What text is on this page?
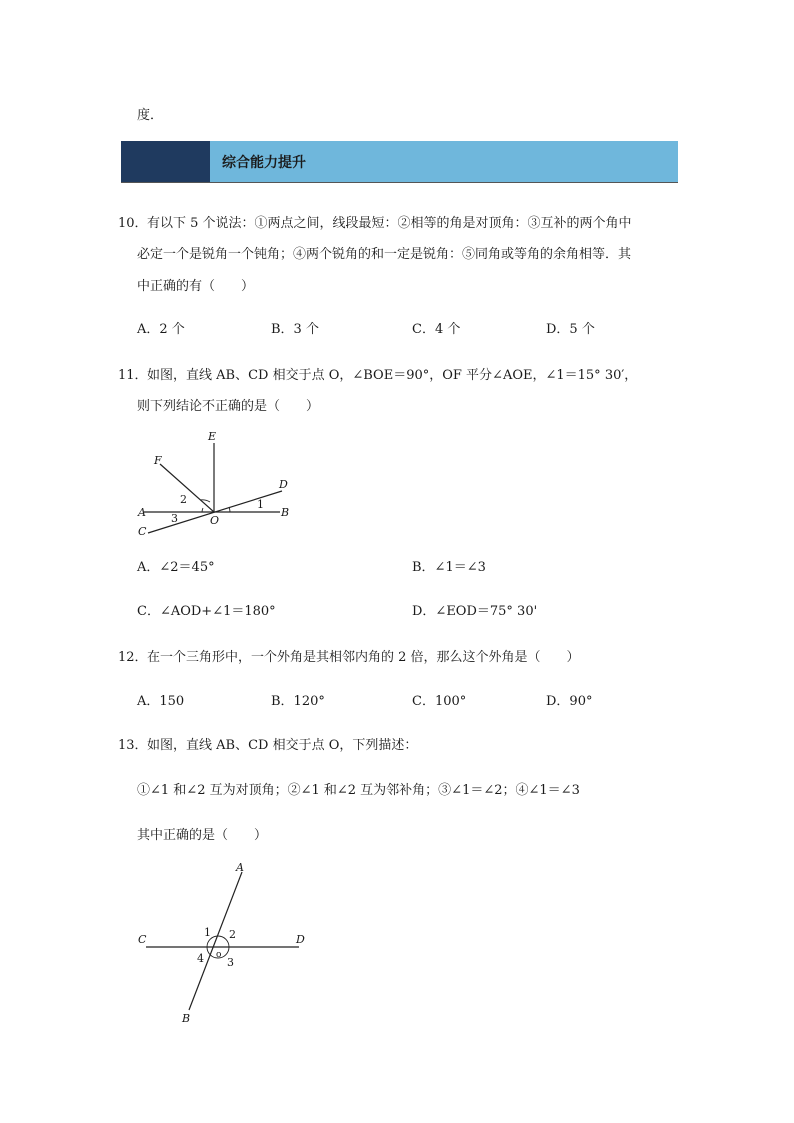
度．
综合能力提升
10． 有以下 5 个说法：①两点之间，线段最短：②相等的角是对顶角：③互补的两个角中
必定一个是锐角一个钝角；④两个锐角的和一定是锐角：⑤同角或等角的余角相等．其
中正确的有（　　）
A．2 个	B．3 个	C．4 个	D．5 个
11． 如图，直线 AB、CD 相交于点 O，∠BOE＝90°，OF 平分∠AOE，∠1＝15° 30′，
则下列结论不正确的是（　　）
E
F
D
A	B
C
O
1
2
3
A．∠2＝45°	B．∠1＝∠3
C．∠AOD+∠1＝180°	D．∠EOD＝75° 30'
12． 在一个三角形中，一个外角是其相邻内角的 2 倍，那么这个外角是（　　）
A．150	B．120°	C．100°	D．90°
13． 如图，直线 AB、CD 相交于点 O，下列描述：
①∠1 和∠2 互为对顶角；②∠1 和∠2 互为邻补角；③∠1＝∠2；④∠1＝∠3
其中正确的是（　　）
A
B
C	D
1 2
3
4 o
